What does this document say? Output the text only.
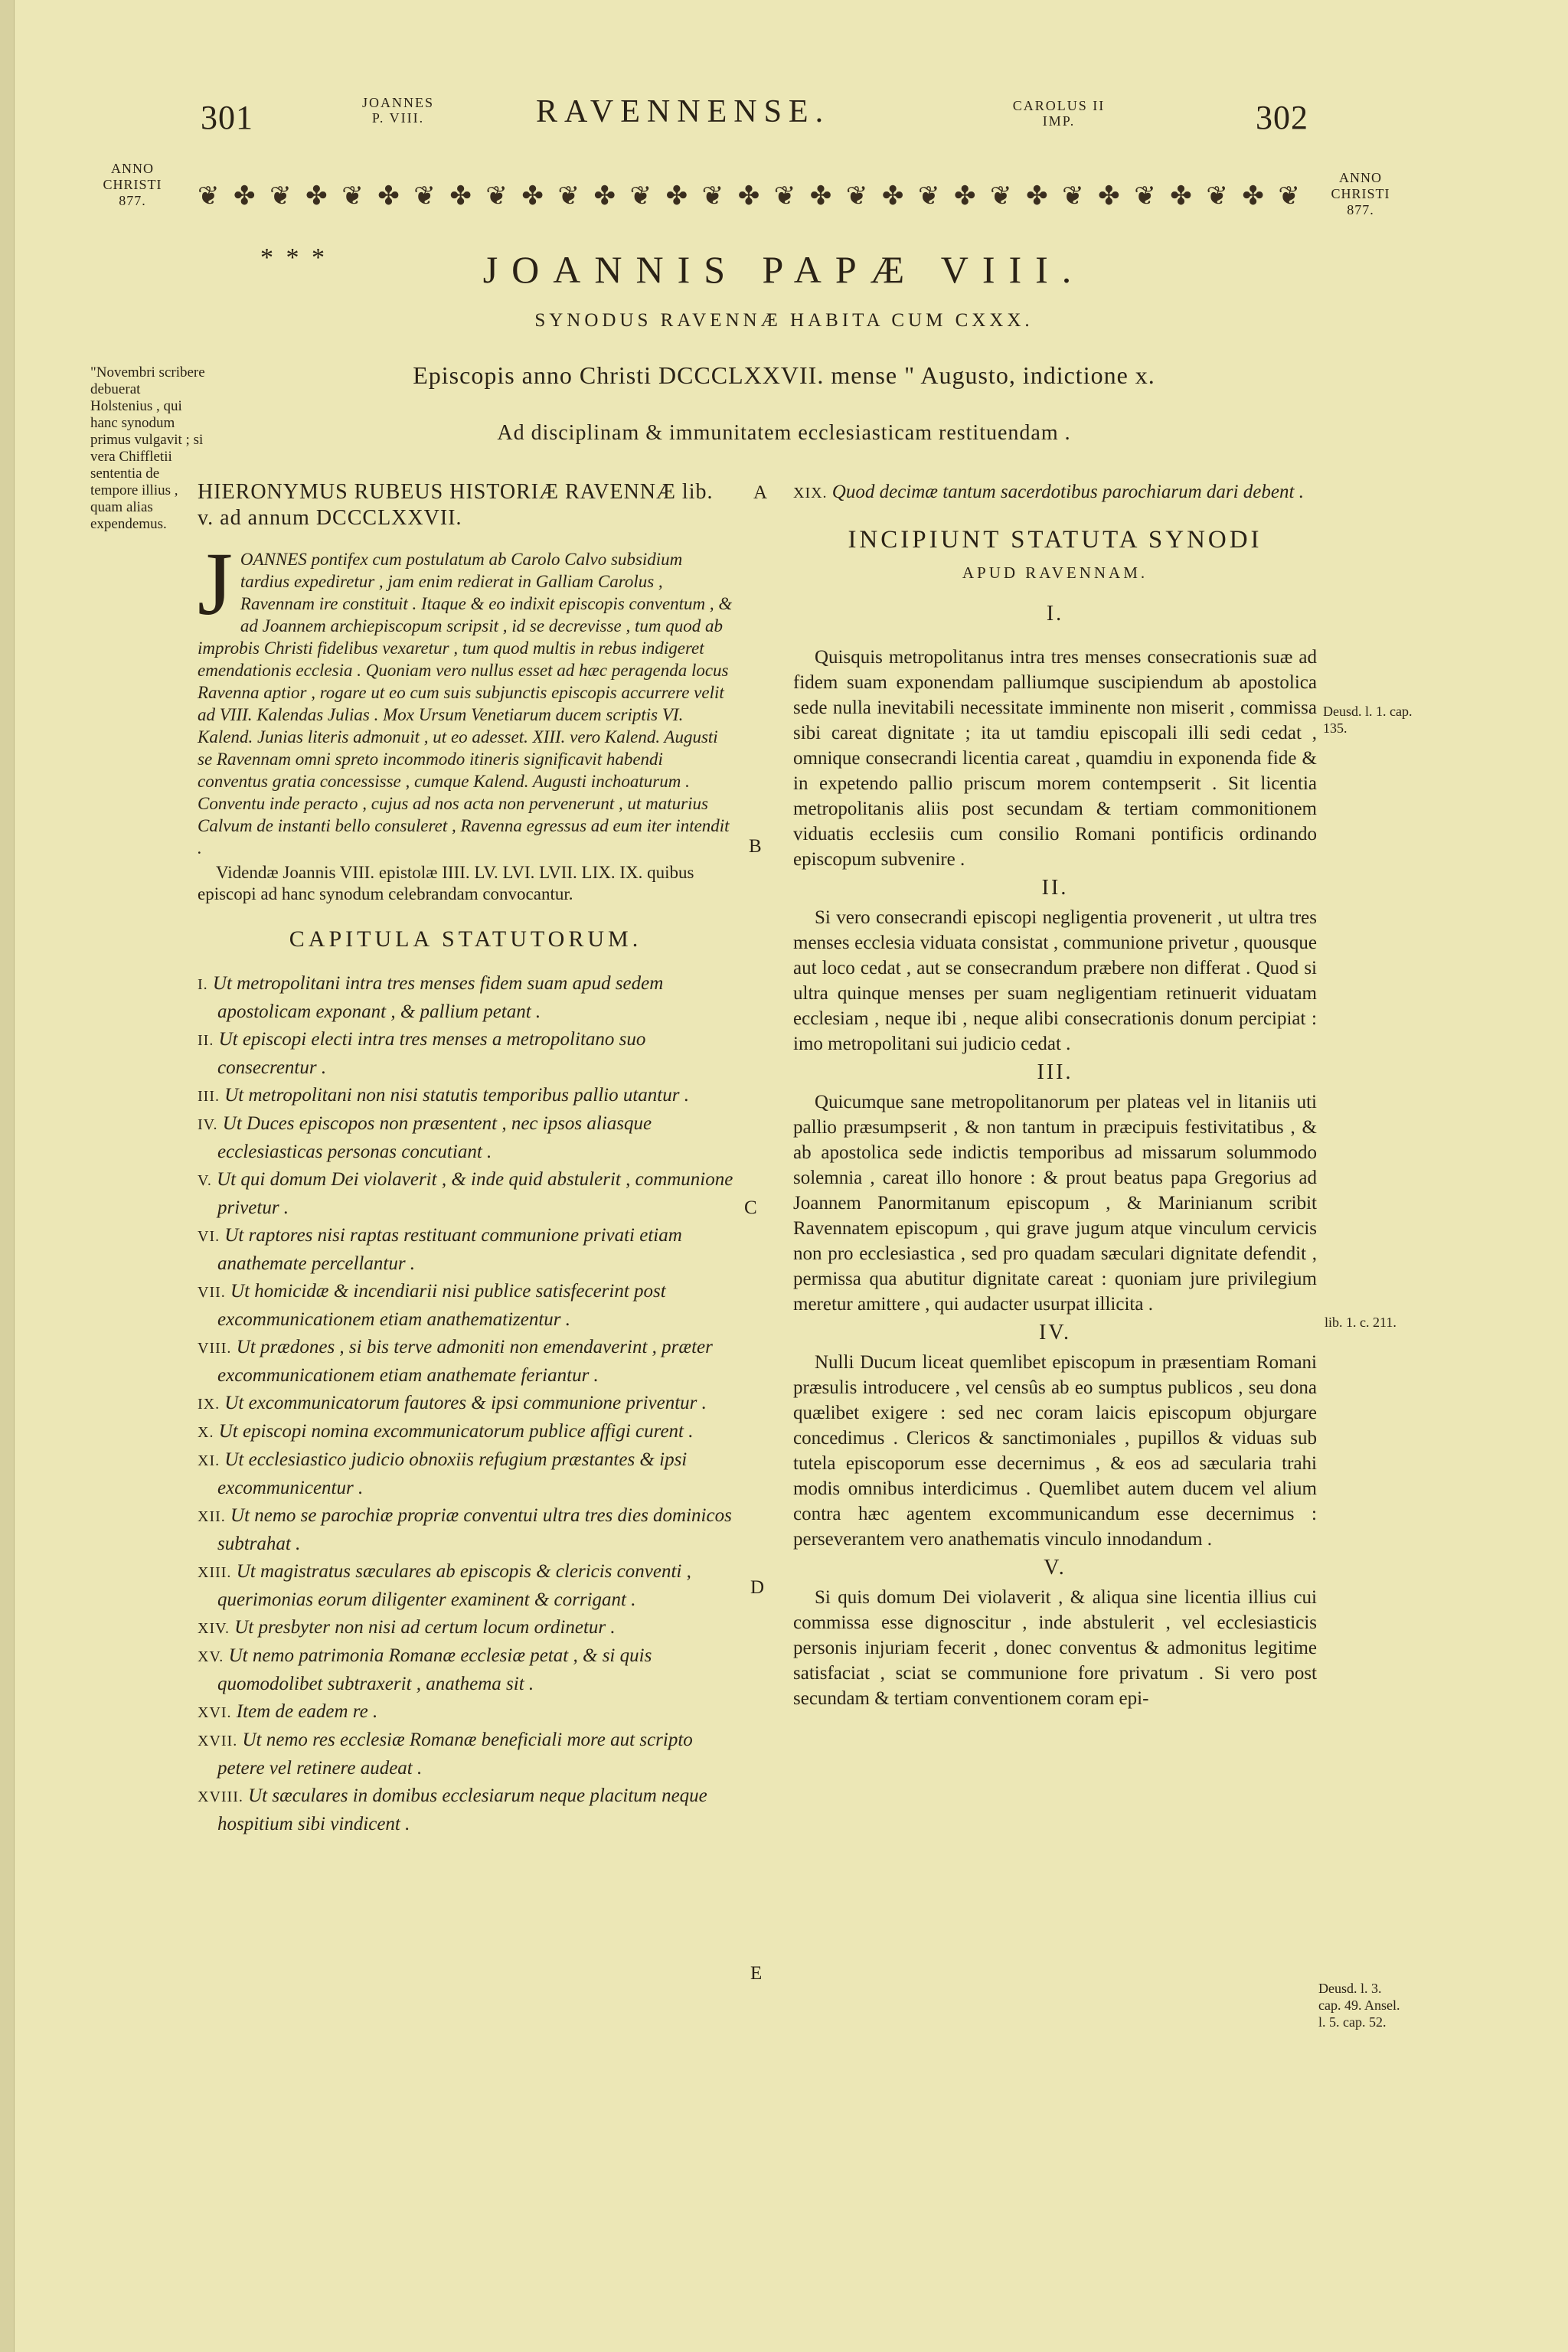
301	JOANNES
P. VIII.	RAVENNENSE.	CAROLUS II
IMP.	302
ANNO
CHRISTI
877.
ANNO
CHRISTI
877.
❦ ✤ ❦ ✤ ❦ ✤ ❦ ✤ ❦ ✤ ❦ ✤ ❦ ✤ ❦ ✤ ❦ ✤ ❦ ✤ ❦ ✤ ❦ ✤ ❦ ✤ ❦ ✤ ❦ ✤ ❦
* * *	JOANNIS PAPÆ VIII.
SYNODUS RAVENNÆ HABITA CUM CXXX.
Episcopis anno Christi DCCCLXXVII. mense " Augusto, indictione x.
Ad disciplinam & immunitatem ecclesiasticam restituendam .
"Novembri scribere debuerat Holstenius , qui hanc synodum primus vulgavit ; si vera Chiffletii sententia de tempore illius , quam alias expendemus.
A
B
C
D
E
Deusd. l. 1. cap. 135.
lib. 1. c. 211.
Deusd. l. 3. cap. 49. Ansel. l. 5. cap. 52.

HIERONYMUS RUBEUS HISTORIÆ RAVENNÆ lib. v. ad annum DCCCLXXVII.

J OANNES pontifex cum postulatum ab Carolo Calvo subsidium tardius expediretur , jam enim redierat in Galliam Carolus , Ravennam ire constituit . Itaque & eo indixit episcopis conventum , & ad Joannem archiepiscopum scripsit , id se decrevisse , tum quod ab improbis Christi fidelibus vexaretur , tum quod multis in rebus indigeret emendationis ecclesia . Quoniam vero nullus esset ad hæc peragenda locus Ravenna aptior , rogare ut eo cum suis subjunctis episcopis accurrere velit ad VIII. Kalendas Julias . Mox Ursum Venetiarum ducem scriptis VI. Kalend. Junias literis admonuit , ut eo adesset. XIII. vero Kalend. Augusti se Ravennam omni spreto incommodo itineris significavit habendi conventus gratia concessisse , cumque Kalend. Augusti inchoaturum . Conventu inde peracto , cujus ad nos acta non pervenerunt , ut maturius Calvum de instanti bello consuleret , Ravenna egressus ad eum iter intendit .

Videndæ Joannis VIII. epistolæ IIII. LV. LVI. LVII. LIX. IX. quibus episcopi ad hanc synodum celebrandam convocantur.

CAPITULA STATUTORUM.
I. Ut metropolitani intra tres menses fidem suam apud sedem apostolicam exponant , & pallium petant .
II. Ut episcopi electi intra tres menses a metropolitano suo consecrentur .
III. Ut metropolitani non nisi statutis temporibus pallio utantur .
IV. Ut Duces episcopos non præsentent , nec ipsos aliasque ecclesiasticas personas concutiant .
V. Ut qui domum Dei violaverit , & inde quid abstulerit , communione privetur .
VI. Ut raptores nisi raptas restituant communione privati etiam anathemate percellantur .
VII. Ut homicidæ & incendiarii nisi publice satisfecerint post excommunicationem etiam anathematizentur .
VIII. Ut prædones , si bis terve admoniti non emendaverint , præter excommunicationem etiam anathemate feriantur .
IX. Ut excommunicatorum fautores & ipsi communione priventur .
X. Ut episcopi nomina excommunicatorum publice affigi curent .
XI. Ut ecclesiastico judicio obnoxiis refugium præstantes & ipsi excommunicentur .
XII. Ut nemo se parochiæ propriæ conventui ultra tres dies dominicos subtrahat .
XIII. Ut magistratus sæculares ab episcopis & clericis conventi , querimonias eorum diligenter examinent & corrigant .
XIV. Ut presbyter non nisi ad certum locum ordinetur .
XV. Ut nemo patrimonia Romanæ ecclesiæ petat , & si quis quomodolibet subtraxerit , anathema sit .
XVI. Item de eadem re .
XVII. Ut nemo res ecclesiæ Romanæ beneficiali more aut scripto petere vel retinere audeat .
XVIII. Ut sæculares in domibus ecclesiarum neque placitum neque hospitium sibi vindicent .

XIX. Quod decimæ tantum sacerdotibus parochiarum dari debent .

INCIPIUNT STATUTA SYNODI
APUD RAVENNAM.
I.

Quisquis metropolitanus intra tres menses consecrationis suæ ad fidem suam exponendam palliumque suscipiendum ab apostolica sede nulla inevitabili necessitate imminente non miserit , commissa sibi careat dignitate ; ita ut tamdiu episcopali illi sedi cedat , omnique consecrandi licentia careat , quamdiu in exponenda fide & in expetendo pallio priscum morem contempserit . Sit licentia metropolitanis aliis post secundam & tertiam commonitionem viduatis ecclesiis cum consilio Romani pontificis ordinando episcopum subvenire .

II.

Si vero consecrandi episcopi negligentia provenerit , ut ultra tres menses ecclesia viduata consistat , communione privetur , quousque aut loco cedat , aut se consecrandum præbere non differat . Quod si ultra quinque menses per suam negligentiam retinuerit viduatam ecclesiam , neque ibi , neque alibi consecrationis donum percipiat : imo metropolitani sui judicio cedat .

III.

Quicumque sane metropolitanorum per plateas vel in litaniis uti pallio præsumpserit , & non tantum in præcipuis festivitatibus , & ab apostolica sede indictis temporibus ad missarum solummodo solemnia , careat illo honore : & prout beatus papa Gregorius ad Joannem Panormitanum episcopum , & Marinianum scribit Ravennatem episcopum , qui grave jugum atque vinculum cervicis non pro ecclesiastica , sed pro quadam sæculari dignitate defendit , permissa qua abutitur dignitate careat : quoniam jure privilegium meretur amittere , qui audacter usurpat illicita .

IV.

Nulli Ducum liceat quemlibet episcopum in præsentiam Romani præsulis introducere , vel censûs ab eo sumptus publicos , seu dona quælibet exigere : sed nec coram laicis episcopum objurgare concedimus . Clericos & sanctimoniales , pupillos & viduas sub tutela episcoporum esse decernimus , & eos ad sæcularia trahi modis omnibus interdicimus . Quemlibet autem ducem vel alium contra hæc agentem excommunicandum esse decernimus : perseverantem vero anathematis vinculo innodandum .

V.

Si quis domum Dei violaverit , & aliqua sine licentia illius cui commissa esse dignoscitur , inde abstulerit , vel ecclesiasticis personis injuriam fecerit , donec conventus & admonitus legitime satisfaciat , sciat se communione fore privatum . Si vero post secundam & tertiam conventionem coram epi-
